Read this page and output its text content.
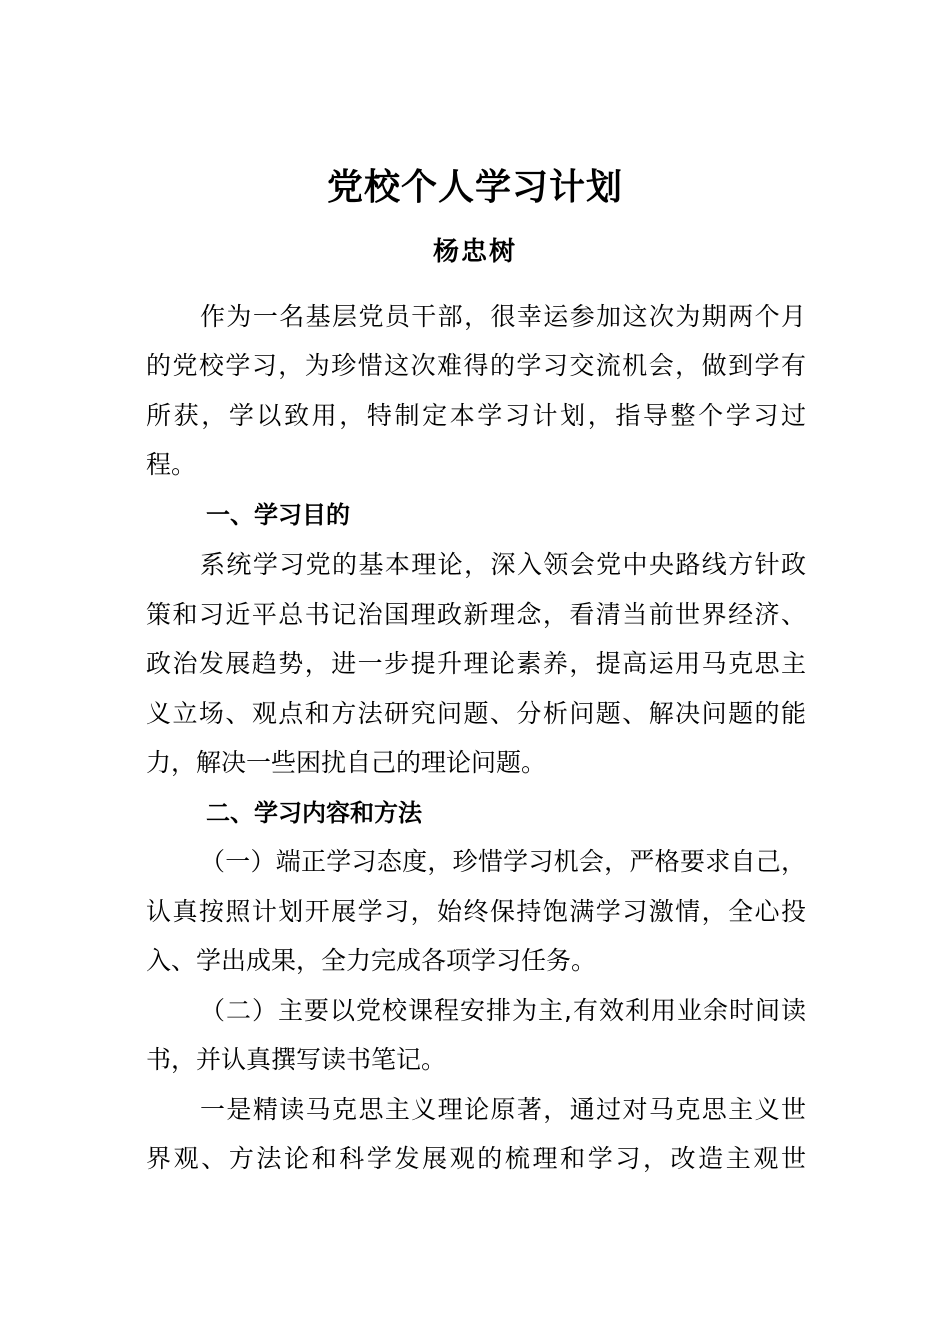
党校个人学习计划
杨忠树
作为一名基层党员干部，很幸运参加这次为期两个月
的党校学习，为珍惜这次难得的学习交流机会，做到学有
所获，学以致用，特制定本学习计划，指导整个学习过
程。
一、学习目的
系统学习党的基本理论，深入领会党中央路线方针政
策和习近平总书记治国理政新理念，看清当前世界经济、
政治发展趋势，进一步提升理论素养，提高运用马克思主
义立场、观点和方法研究问题、分析问题、解决问题的能
力，解决一些困扰自己的理论问题。
二、学习内容和方法
（一）端正学习态度，珍惜学习机会，严格要求自己，
认真按照计划开展学习，始终保持饱满学习激情，全心投
入、学出成果，全力完成各项学习任务。
（二）主要以党校课程安排为主,有效利用业余时间读
书，并认真撰写读书笔记。
一是精读马克思主义理论原著，通过对马克思主义世
界观、方法论和科学发展观的梳理和学习，改造主观世
